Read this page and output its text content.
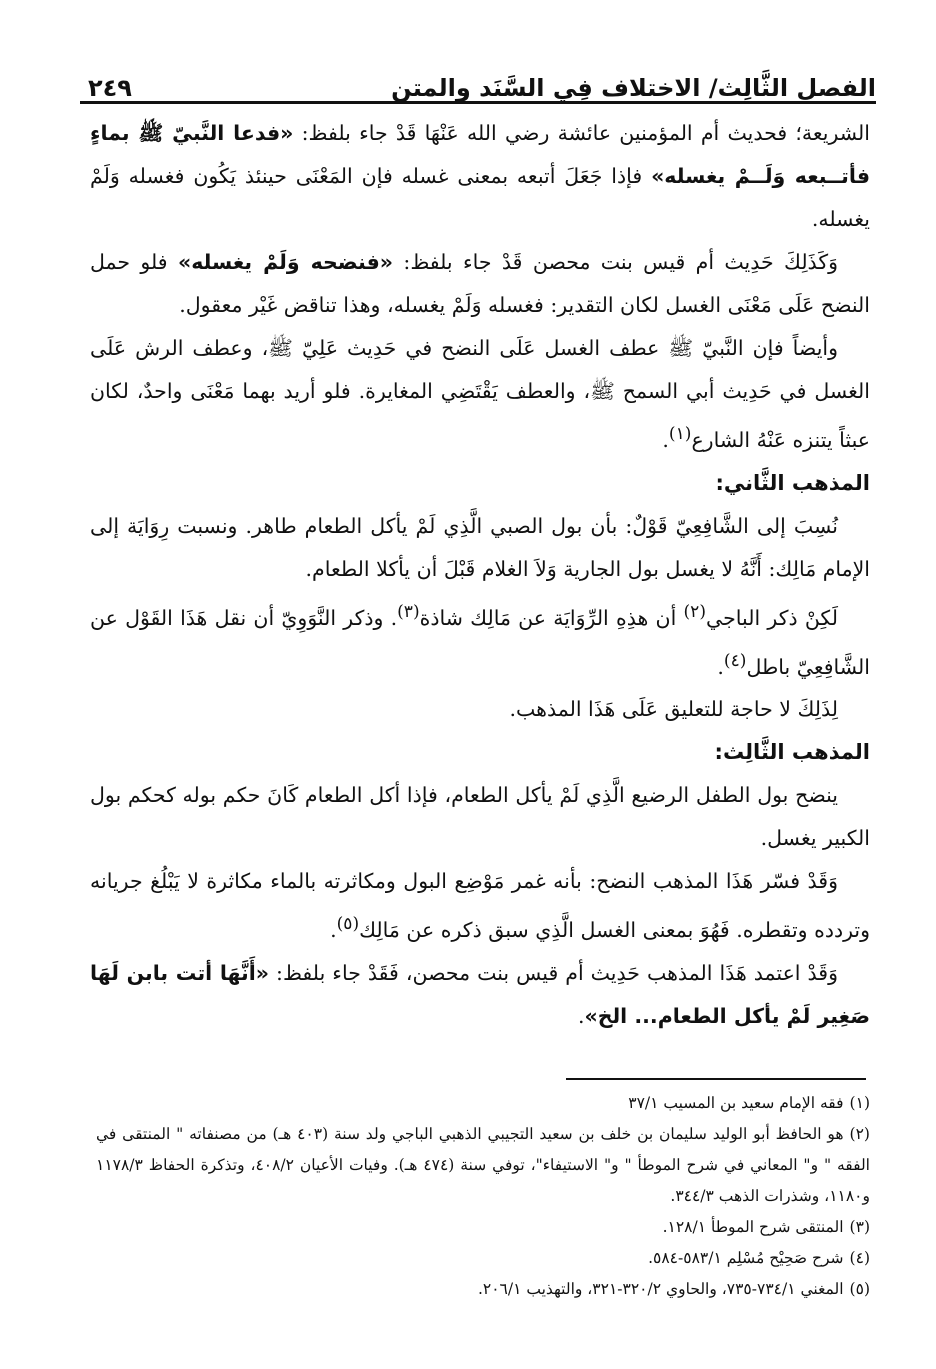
الفصل الثَّالِث/ الاختلاف فِي السَّنَد والمتن
٢٤٩

الشريعة؛ فحديث أم المؤمنين عائشة رضي الله عَنْهَا قَدْ جاء بلفظ: «فدعا النَّبيّ ﷺ بماءٍ فأتــبعه وَلَــمْ يغسله» فإذا جَعَلَ أتبعه بمعنى غسله فإن المَعْنَى حينئذ يَكُون فغسله وَلَمْ يغسله.

وَكَذَلِكَ حَدِيث أم قيس بنت محصن قَدْ جاء بلفظ: «فنضحه وَلَمْ يغسله» فلو حمل النضح عَلَى مَعْنَى الغسل لكان التقدير: فغسله وَلَمْ يغسله، وهذا تناقض غَيْر معقول.

وأيضاً فإن النَّبيّ ﷺ عطف الغسل عَلَى النضح في حَدِيث عَلِيّ ﷺ، وعطف الرش عَلَى الغسل في حَدِيث أبي السمح ﷺ، والعطف يَقْتَضِي المغايرة. فلو أريد بهما مَعْنَى واحدٌ، لكان عبثاً يتنزه عَنْهُ الشارع$^{(١)}$.

المذهب الثَّاني:

نُسِبَ إلى الشَّافِعِيّ قَوْلٌ: بأن بول الصبي الَّذِي لَمْ يأكل الطعام طاهر. ونسبت رِوَايَة إلى الإمام مَالِك: أَنَّهُ لا يغسل بول الجارية وَلاَ الغلام قَبْلَ أن يأكلا الطعام.

لَكِنْ ذكر الباجي$^{(٢)}$ أن هذِهِ الرِّوَايَة عن مَالِك شاذة$^{(٣)}$. وذكر النَّوَوِيّ أن نقل هَذَا القَوْل عن الشَّافِعِيّ باطل$^{(٤)}$.

لِذَلِكَ لا حاجة للتعليق عَلَى هَذَا المذهب.

المذهب الثَّالِث:

ينضح بول الطفل الرضيع الَّذِي لَمْ يأكل الطعام، فإذا أكل الطعام كَانَ حكم بوله كحكم بول الكبير يغسل.

وَقَدْ فسّر هَذَا المذهب النضح: بأنه غمر مَوْضِع البول ومكاثرته بالماء مكاثرة لا يَبْلُغ جريانه وتردده وتقطره. فَهُوَ بمعنى الغسل الَّذِي سبق ذكره عن مَالِك$^{(٥)}$.

وَقَدْ اعتمد هَذَا المذهب حَدِيث أم قيس بنت محصن، فَقَدْ جاء بلفظ: «أَنَّهَا أتت بابن لَهَا صَغِير لَمْ يأكل الطعام... الخ».

(١)فقه الإمام سعيد بن المسيب ٣٧/١

(٢)هو الحافظ أبو الوليد سليمان بن خلف بن سعيد التجيبي الذهبي الباجي ولد سنة (٤٠٣ هـ) من مصنفاته " المنتقى في الفقه " و" المعاني في شرح الموطأ " و" الاستيفاء"، توفي سنة (٤٧٤ هـ). وفيات الأعيان ٤٠٨/٢، وتذكرة الحفاظ ١١٧٨/٣ و١١٨٠، وشذرات الذهب ٣٤٤/٣.

(٣)المنتقى شرح الموطأ ١٢٨/١.

(٤)شرح صَحِيْح مُسْلِم ٥٨٣/١-٥٨٤.

(٥)المغني ٧٣٤/١-٧٣٥، والحاوي ٣٢٠/٢-٣٢١، والتهذيب ٢٠٦/١.
